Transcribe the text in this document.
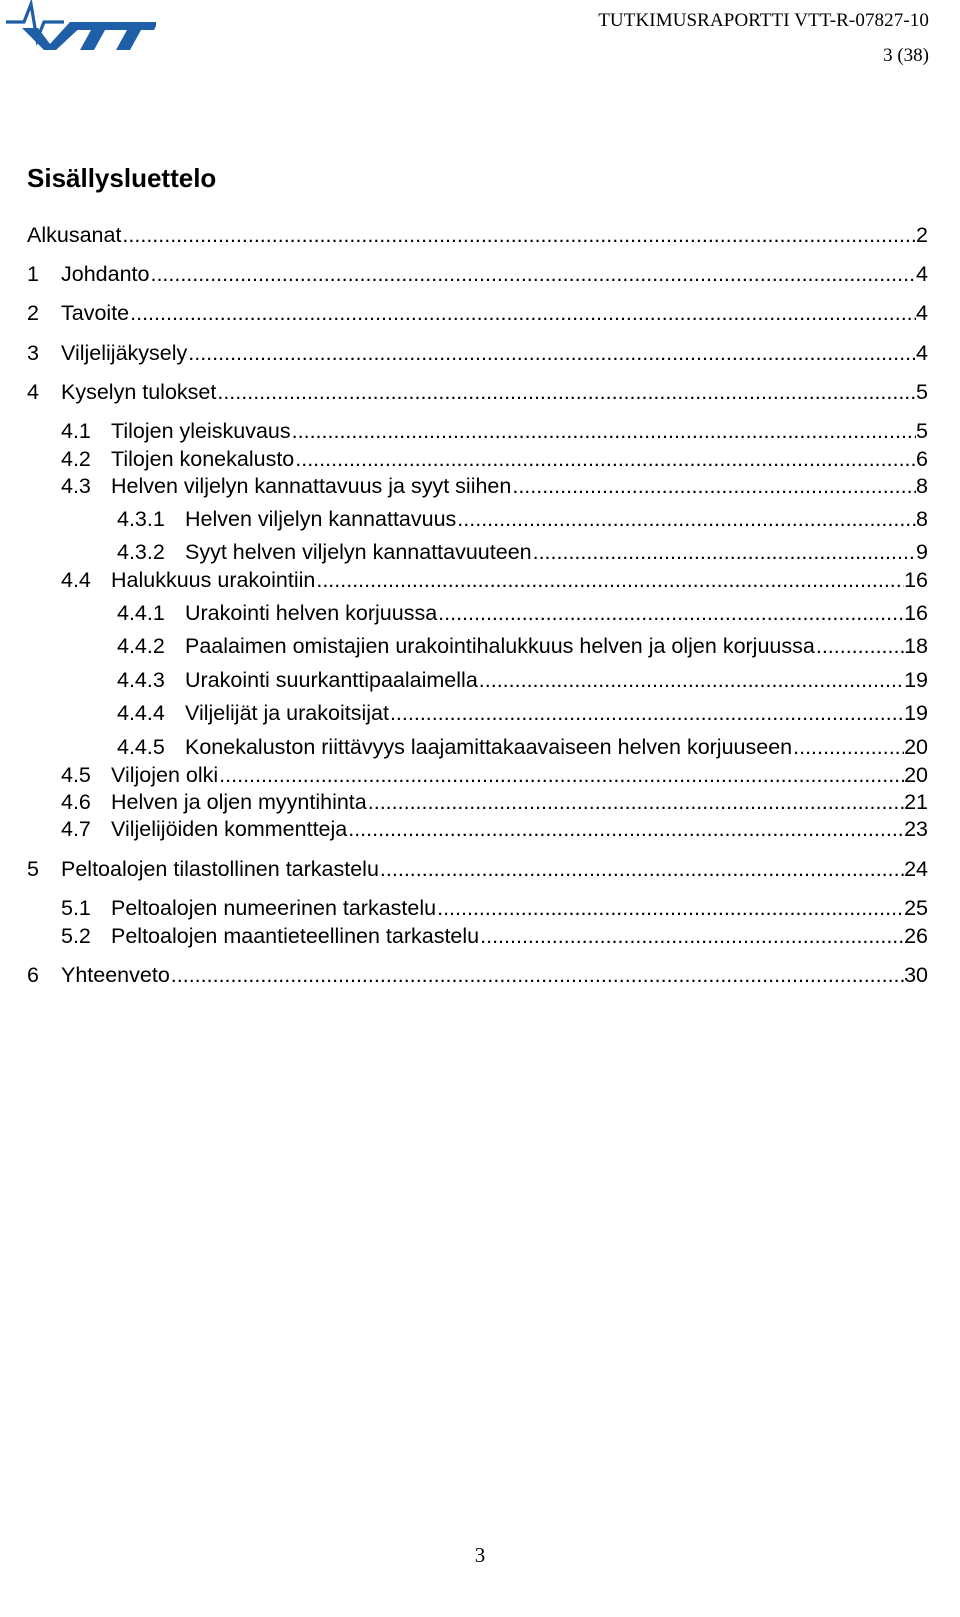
TUTKIMUSRAPORTTI VTT-R-07827-10
3 (38)
Sisällysluettelo
Alkusanat .....	2
1	Johdanto .....	4
2	Tavoite .....	4
3	Viljelijäkysely .....	4
4	Kyselyn tulokset .....	5
4.1 Tilojen yleiskuvaus .....	5
4.2 Tilojen konekalusto .....	6
4.3 Helven viljelyn kannattavuus ja syyt siihen .....	8
4.3.1 Helven viljelyn kannattavuus .....	8
4.3.2 Syyt helven viljelyn kannattavuuteen .....	9
4.4 Halukkuus urakointiin .....	16
4.4.1 Urakointi helven korjuussa .....	16
4.4.2 Paalaimen omistajien urakointihalukkuus helven ja oljen korjuussa .....	18
4.4.3 Urakointi suurkanttipaalaimella .....	19
4.4.4 Viljelijät ja urakoitsijat .....	19
4.4.5 Konekaluston riittävyys laajamittakaavaiseen helven korjuuseen .....	20
4.5 Viljojen olki .....	20
4.6 Helven ja oljen myyntihinta .....	21
4.7 Viljelijöiden kommentteja .....	23
5	Peltoalojen tilastollinen tarkastelu .....	24
5.1 Peltoalojen numeerinen tarkastelu .....	25
5.2 Peltoalojen maantieteellinen tarkastelu .....	26
6	Yhteenveto .....	30
3
